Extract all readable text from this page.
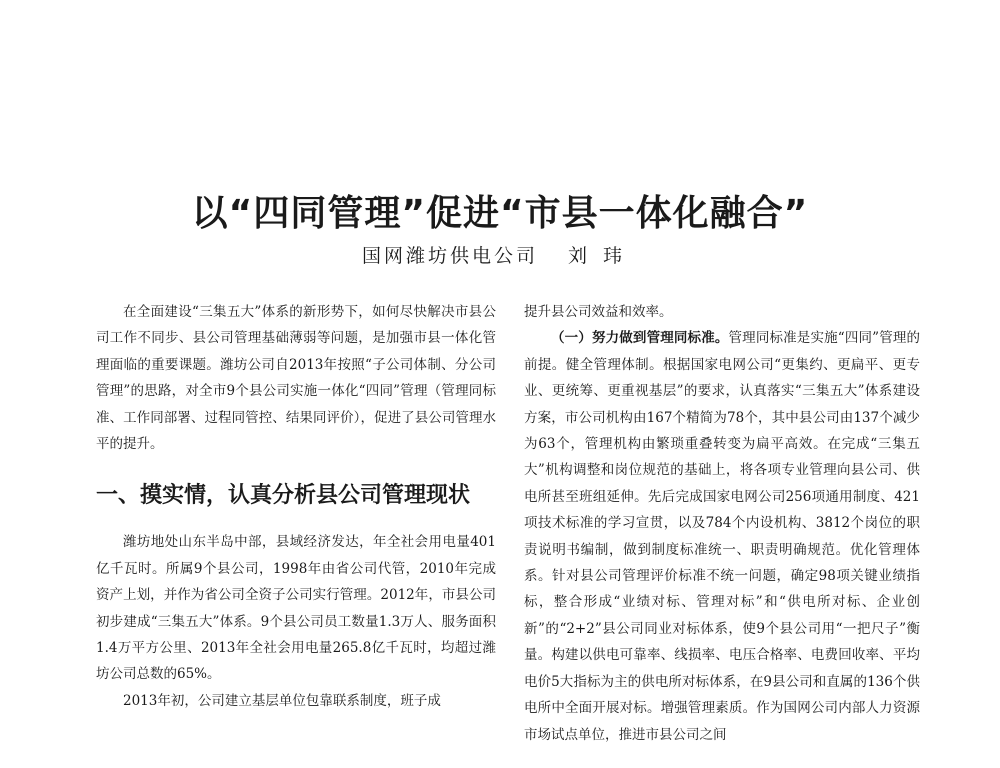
以“四同管理”促进“市县一体化融合”
国网潍坊供电公司 刘玮

在全面建设“三集五大”体系的新形势下，如何尽快解决市县公司工作不同步、县公司管理基础薄弱等问题，是加强市县一体化管理面临的重要课题。潍坊公司自2013年按照“子公司体制、分公司管理”的思路，对全市9个县公司实施一体化“四同”管理（管理同标准、工作同部署、过程同管控、结果同评价），促进了县公司管理水平的提升。

一、摸实情，认真分析县公司管理现状

潍坊地处山东半岛中部，县域经济发达，年全社会用电量401亿千瓦时。所属9个县公司，1998年由省公司代管，2010年完成资产上划，并作为省公司全资子公司实行管理。2012年，市县公司初步建成“三集五大”体系。9个县公司员工数量1.3万人、服务面积1.4万平方公里、2013年全社会用电量265.8亿千瓦时，均超过潍坊公司总数的65%。

2013年初，公司建立基层单位包靠联系制度，班子成

提升县公司效益和效率。

（一）努力做到管理同标准。管理同标准是实施“四同”管理的前提。健全管理体制。根据国家电网公司“更集约、更扁平、更专业、更统筹、更重视基层”的要求，认真落实“三集五大”体系建设方案，市公司机构由167个精简为78个，其中县公司由137个减少为63个，管理机构由繁琐重叠转变为扁平高效。在完成“三集五大”机构调整和岗位规范的基础上，将各项专业管理向县公司、供电所甚至班组延伸。先后完成国家电网公司256项通用制度、421项技术标准的学习宣贯，以及784个内设机构、3812个岗位的职责说明书编制，做到制度标准统一、职责明确规范。优化管理体系。针对县公司管理评价标准不统一问题，确定98项关键业绩指标，整合形成“业绩对标、管理对标”和“供电所对标、企业创新”的“2+2”县公司同业对标体系，使9个县公司用“一把尺子”衡量。构建以供电可靠率、线损率、电压合格率、电费回收率、平均电价5大指标为主的供电所对标体系，在9县公司和直属的136个供电所中全面开展对标。增强管理素质。作为国网公司内部人力资源市场试点单位，推进市县公司之间
